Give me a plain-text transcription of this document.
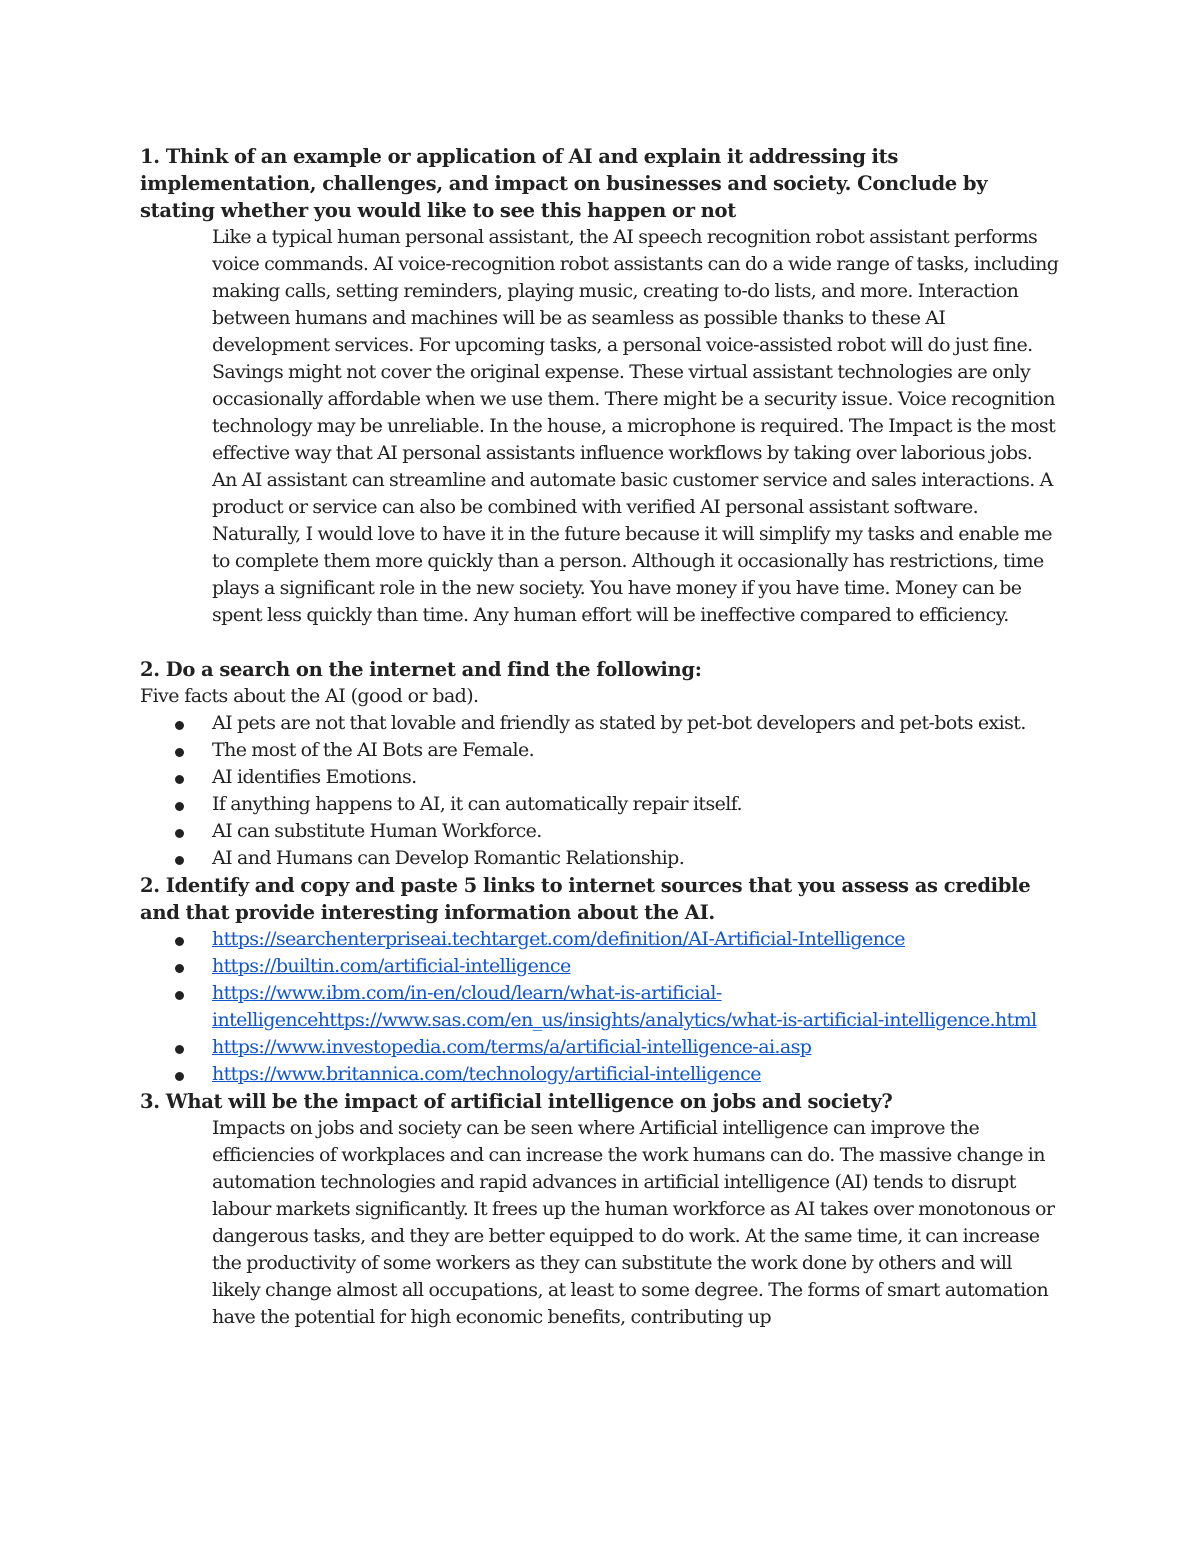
1. Think of an example or application of AI and explain it addressing its implementation, challenges, and impact on businesses and society. Conclude by stating whether you would like to see this happen or not

Like a typical human personal assistant, the AI speech recognition robot assistant performs voice commands. AI voice-recognition robot assistants can do a wide range of tasks, including making calls, setting reminders, playing music, creating to-do lists, and more. Interaction between humans and machines will be as seamless as possible thanks to these AI development services. For upcoming tasks, a personal voice-assisted robot will do just fine. Savings might not cover the original expense. These virtual assistant technologies are only occasionally affordable when we use them. There might be a security issue. Voice recognition technology may be unreliable. In the house, a microphone is required. The Impact is the most effective way that AI personal assistants influence workflows by taking over laborious jobs. An AI assistant can streamline and automate basic customer service and sales interactions. A product or service can also be combined with verified AI personal assistant software. Naturally, I would love to have it in the future because it will simplify my tasks and enable me to complete them more quickly than a person. Although it occasionally has restrictions, time plays a significant role in the new society. You have money if you have time. Money can be spent less quickly than time. Any human effort will be ineffective compared to efficiency.

2. Do a search on the internet and find the following:

Five facts about the AI (good or bad).

AI pets are not that lovable and friendly as stated by pet-bot developers and pet-bots exist.
The most of the AI Bots are Female.
AI identifies Emotions.
If anything happens to AI, it can automatically repair itself.
AI can substitute Human Workforce.
AI and Humans can Develop Romantic Relationship.

2. Identify and copy and paste 5 links to internet sources that you assess as credible and that provide interesting information about the AI.

https://searchenterpriseai.techtarget.com/definition/AI-Artificial-Intelligence
https://builtin.com/artificial-intelligence
https://www.ibm.com/in-en/cloud/learn/what-is-artificial-intelligencehttps://www.sas.com/en_us/insights/analytics/what-is-artificial-intelligence.html
https://www.investopedia.com/terms/a/artificial-intelligence-ai.asp
https://www.britannica.com/technology/artificial-intelligence

3. What will be the impact of artificial intelligence on jobs and society?

Impacts on jobs and society can be seen where Artificial intelligence can improve the efficiencies of workplaces and can increase the work humans can do. The massive change in automation technologies and rapid advances in artificial intelligence (AI) tends to disrupt labour markets significantly. It frees up the human workforce as AI takes over monotonous or dangerous tasks, and they are better equipped to do work. At the same time, it can increase the productivity of some workers as they can substitute the work done by others and will likely change almost all occupations, at least to some degree. The forms of smart automation have the potential for high economic benefits, contributing up
